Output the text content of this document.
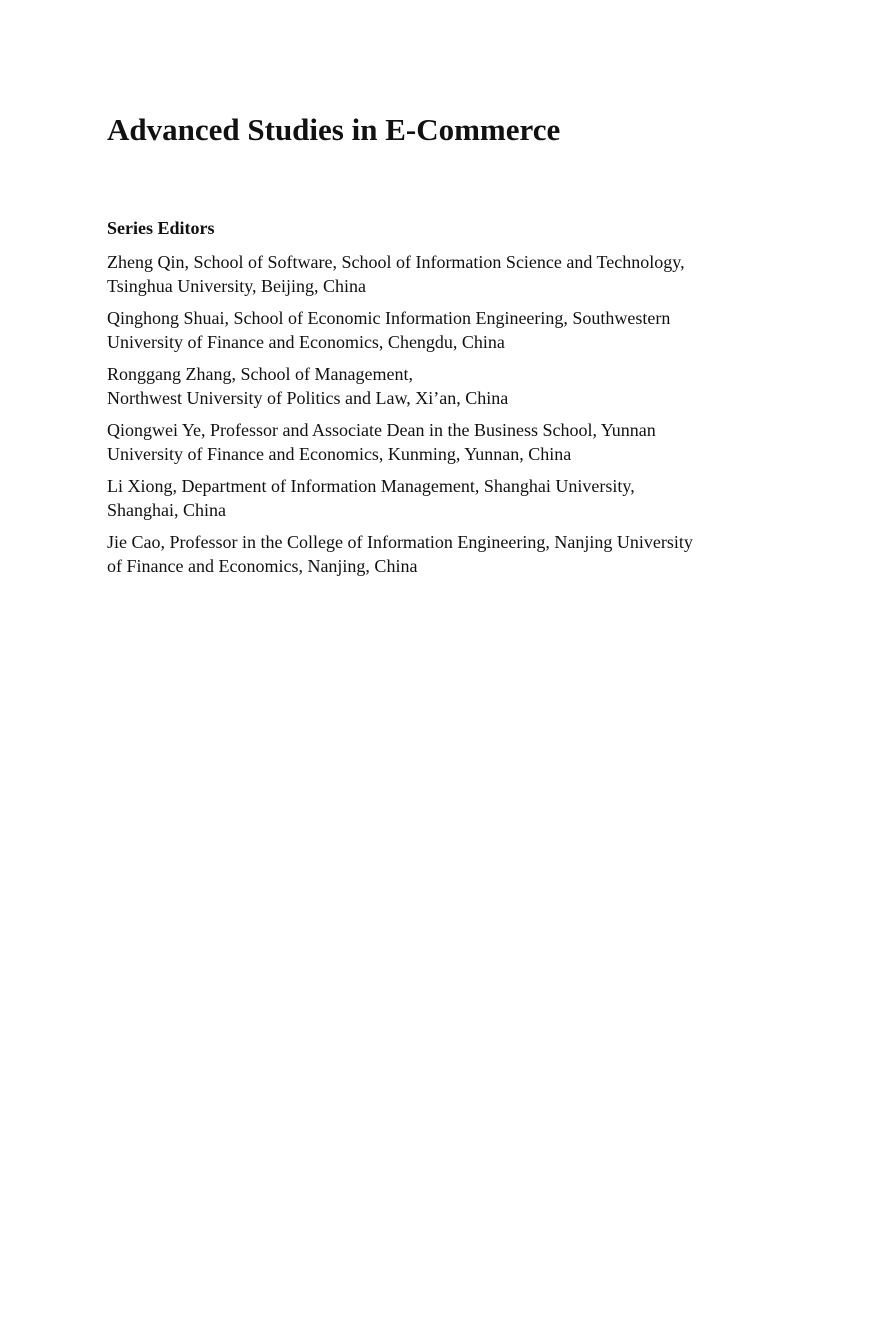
Advanced Studies in E-Commerce
Series Editors
Zheng Qin, School of Software, School of Information Science and Technology,
Tsinghua University, Beijing, China
Qinghong Shuai, School of Economic Information Engineering, Southwestern
University of Finance and Economics, Chengdu, China
Ronggang Zhang, School of Management,
Northwest University of Politics and Law, Xi’an, China
Qiongwei Ye, Professor and Associate Dean in the Business School, Yunnan
University of Finance and Economics, Kunming, Yunnan, China
Li Xiong, Department of Information Management, Shanghai University,
Shanghai, China
Jie Cao, Professor in the College of Information Engineering, Nanjing University
of Finance and Economics, Nanjing, China
